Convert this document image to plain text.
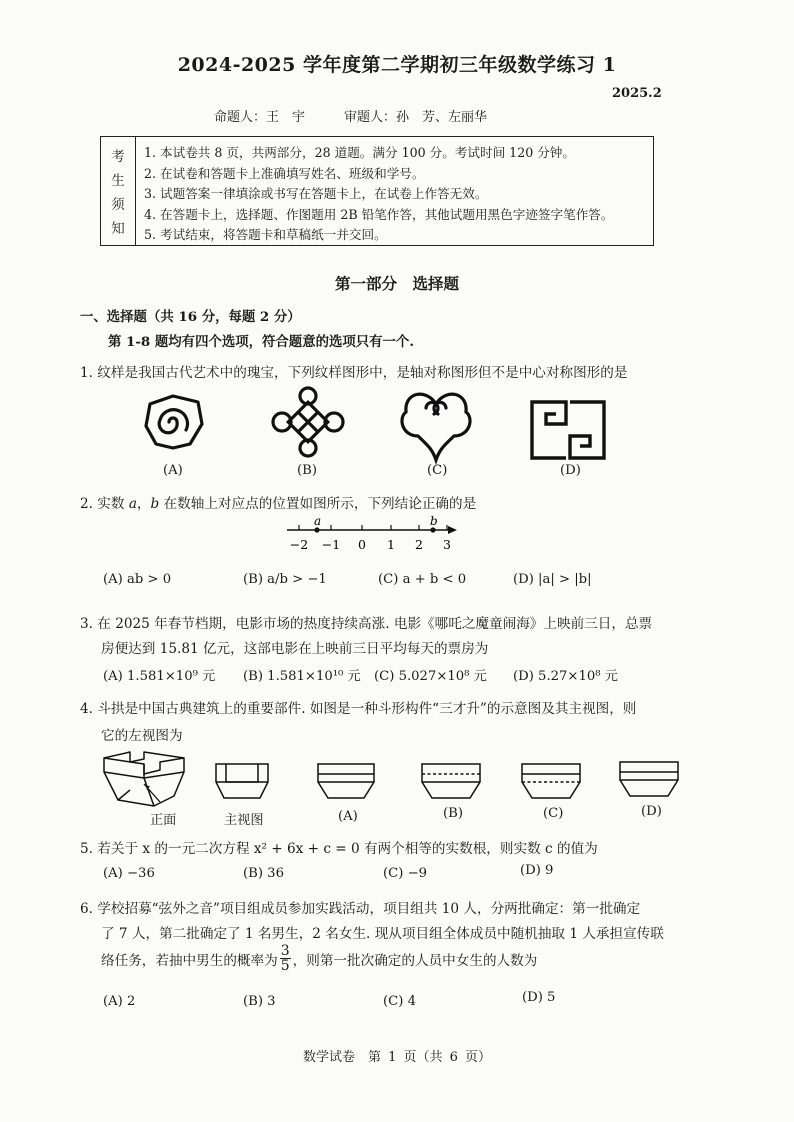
2024-2025 学年度第二学期初三年级数学练习 1
2025.2
命题人：王　宇　　　审题人：孙　芳、左丽华
考
生
须
知
1. 本试卷共 8 页，共两部分，28 道题。满分 100 分。考试时间 120 分钟。
2. 在试卷和答题卡上准确填写姓名、班级和学号。
3. 试题答案一律填涂或书写在答题卡上，在试卷上作答无效。
4. 在答题卡上，选择题、作图题用 2B 铅笔作答，其他试题用黑色字迹签字笔作答。
5. 考试结束，将答题卡和草稿纸一并交回。
第一部分　选择题
一、选择题（共 16 分，每题 2 分）
第 1-8 题均有四个选项，符合题意的选项只有一个.
1. 纹样是我国古代艺术中的瑰宝，下列纹样图形中，是轴对称图形但不是中心对称图形的是
(A)	(B)	(C)	(D)
2. 实数 a，b 在数轴上对应点的位置如图所示，下列结论正确的是
a	b
−2 −1 0 1 2 3
(A) ab > 0	(B) a/b > −1	(C) a + b < 0	(D) |a| > |b|
3. 在 2025 年春节档期，电影市场的热度持续高涨. 电影《哪吒之魔童闹海》上映前三日，总票
房便达到 15.81 亿元，这部电影在上映前三日平均每天的票房为
(A) 1.581×10⁹ 元 (B) 1.581×10¹⁰ 元 (C) 5.027×10⁸ 元 (D) 5.27×10⁸ 元
4. 斗拱是中国古典建筑上的重要部件. 如图是一种斗形构件“三才升”的示意图及其主视图，则
它的左视图为
正面	主视图	(A)	(B)	(C)	(D)
5. 若关于 x 的一元二次方程 x² + 6x + c = 0 有两个相等的实数根，则实数 c 的值为
(A) −36	(B) 36	(C) −9	(D) 9
6. 学校招募“弦外之音”项目组成员参加实践活动，项目组共 10 人，分两批确定：第一批确定
了 7 人，第二批确定了 1 名男生，2 名女生. 现从项目组全体成员中随机抽取 1 人承担宣传联
络任务，若抽中男生的概率为 $\frac{3}{5}$ ，则第一批次确定的人员中女生的人数为
(A) 2	(B) 3	(C) 4	(D) 5
数学试卷　第 1 页（共 6 页）
